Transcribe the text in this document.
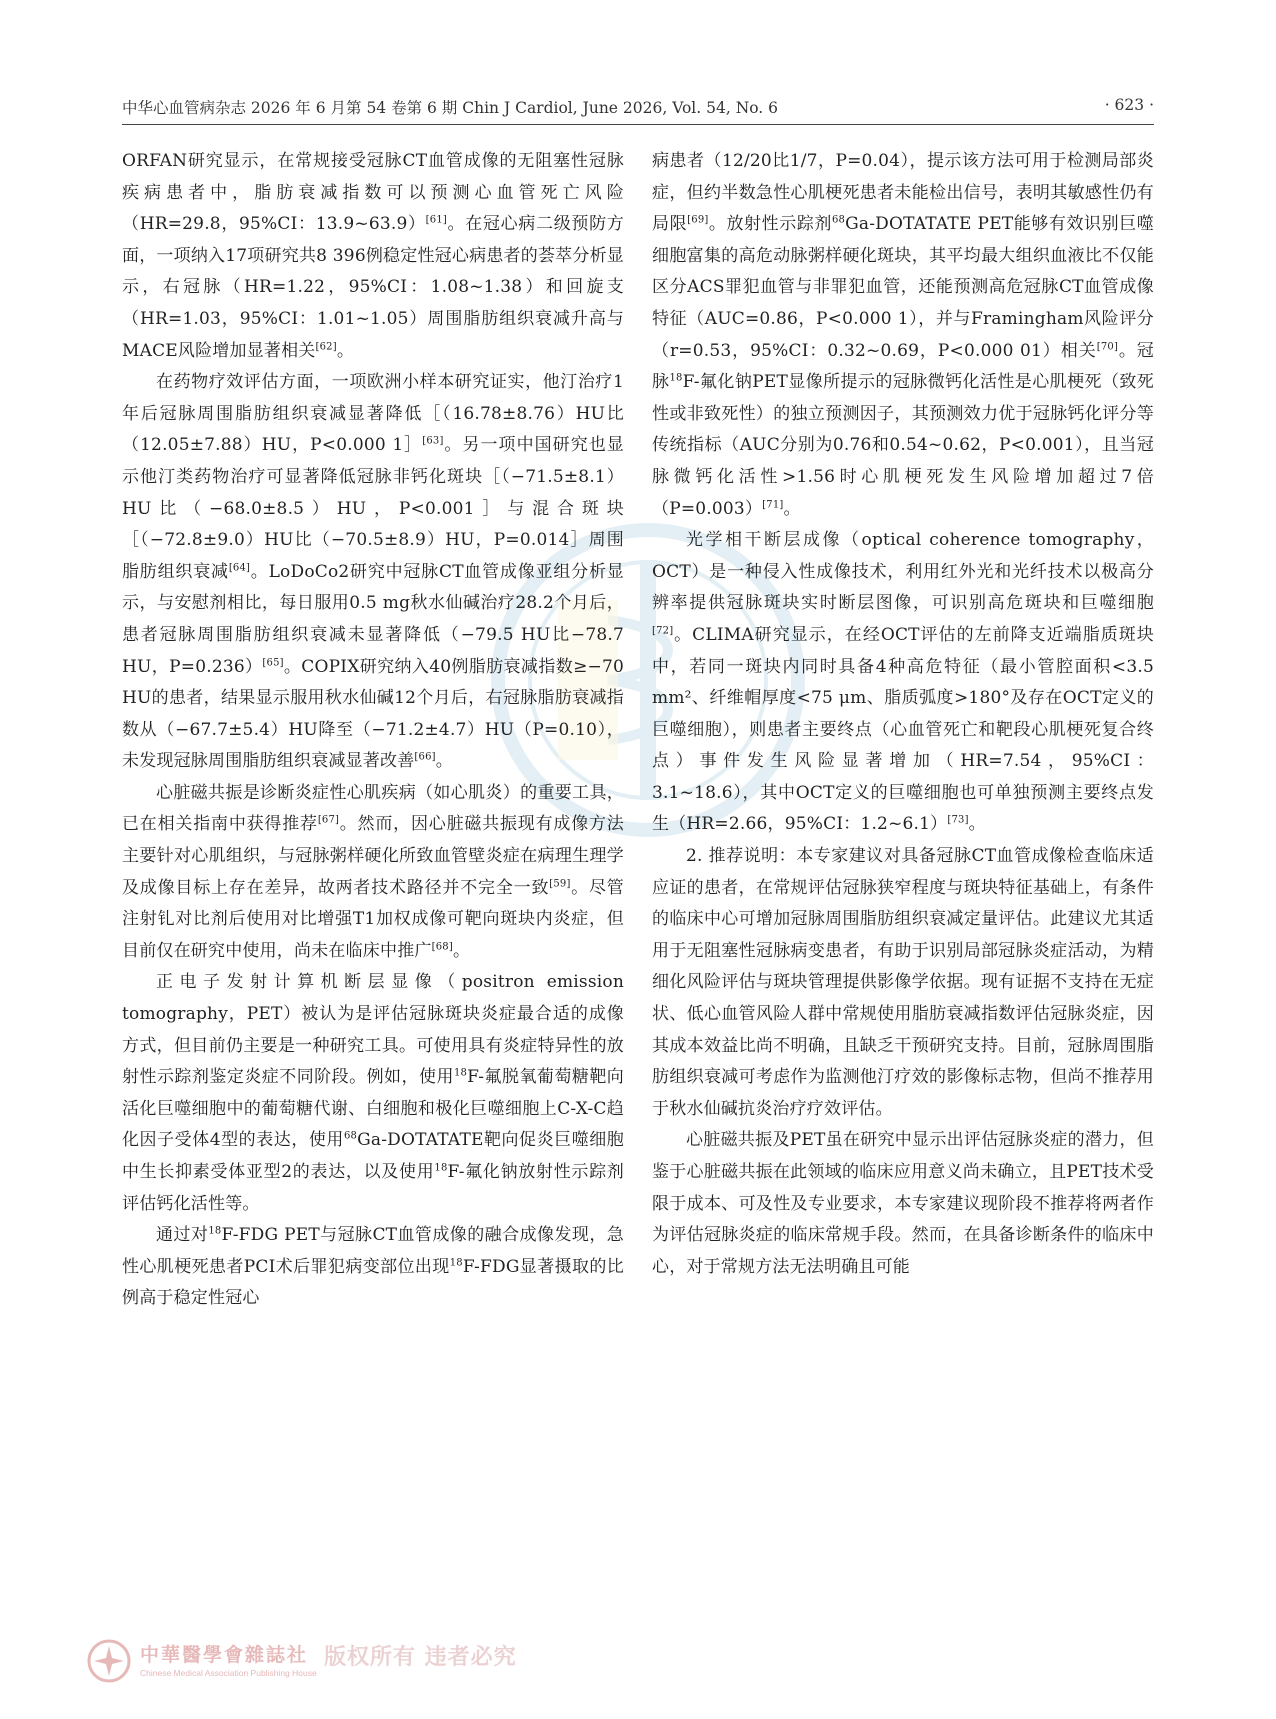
中华心血管病杂志 2026 年 6 月第 54 卷第 6 期 Chin J Cardiol, June 2026, Vol. 54, No. 6	· 623 ·

ORFAN研究显示，在常规接受冠脉CT血管成像的无阻塞性冠脉疾病患者中，脂肪衰减指数可以预测心血管死亡风险（HR=29.8，95%CI：13.9~63.9）[61]。在冠心病二级预防方面，一项纳入17项研究共8 396例稳定性冠心病患者的荟萃分析显示，右冠脉（HR=1.22，95%CI：1.08~1.38）和回旋支（HR=1.03，95%CI：1.01~1.05）周围脂肪组织衰减升高与MACE风险增加显著相关[62]。

在药物疗效评估方面，一项欧洲小样本研究证实，他汀治疗1年后冠脉周围脂肪组织衰减显著降低［（16.78±8.76）HU比（12.05±7.88）HU，P<0.000 1］[63]。另一项中国研究也显示他汀类药物治疗可显著降低冠脉非钙化斑块［（−71.5±8.1）HU比（−68.0±8.5）HU，P<0.001］与混合斑块［（−72.8±9.0）HU比（−70.5±8.9）HU，P=0.014］周围脂肪组织衰减[64]。LoDoCo2研究中冠脉CT血管成像亚组分析显示，与安慰剂相比，每日服用0.5 mg秋水仙碱治疗28.2个月后，患者冠脉周围脂肪组织衰减未显著降低（−79.5 HU比−78.7 HU，P=0.236）[65]。COPIX研究纳入40例脂肪衰减指数≥−70 HU的患者，结果显示服用秋水仙碱12个月后，右冠脉脂肪衰减指数从（−67.7±5.4）HU降至（−71.2±4.7）HU（P=0.10），未发现冠脉周围脂肪组织衰减显著改善[66]。

心脏磁共振是诊断炎症性心肌疾病（如心肌炎）的重要工具，已在相关指南中获得推荐[67]。然而，因心脏磁共振现有成像方法主要针对心肌组织，与冠脉粥样硬化所致血管壁炎症在病理生理学及成像目标上存在差异，故两者技术路径并不完全一致[59]。尽管注射钆对比剂后使用对比增强T1加权成像可靶向斑块内炎症，但目前仅在研究中使用，尚未在临床中推广[68]。

正电子发射计算机断层显像（positron emission tomography，PET）被认为是评估冠脉斑块炎症最合适的成像方式，但目前仍主要是一种研究工具。可使用具有炎症特异性的放射性示踪剂鉴定炎症不同阶段。例如，使用$^{18}$F-氟脱氧葡萄糖靶向活化巨噬细胞中的葡萄糖代谢、白细胞和极化巨噬细胞上C-X-C趋化因子受体4型的表达，使用$^{68}$Ga-DOTATATE靶向促炎巨噬细胞中生长抑素受体亚型2的表达，以及使用$^{18}$F-氟化钠放射性示踪剂评估钙化活性等。

通过对$^{18}$F-FDG PET与冠脉CT血管成像的融合成像发现，急性心肌梗死患者PCI术后罪犯病变部位出现$^{18}$F-FDG显著摄取的比例高于稳定性冠心

病患者（12/20比1/7，P=0.04），提示该方法可用于检测局部炎症，但约半数急性心肌梗死患者未能检出信号，表明其敏感性仍有局限[69]。放射性示踪剂$^{68}$Ga-DOTATATE PET能够有效识别巨噬细胞富集的高危动脉粥样硬化斑块，其平均最大组织血液比不仅能区分ACS罪犯血管与非罪犯血管，还能预测高危冠脉CT血管成像特征（AUC=0.86，P<0.000 1），并与Framingham风险评分（r=0.53，95%CI：0.32~0.69，P<0.000 01）相关[70]。冠脉$^{18}$F-氟化钠PET显像所提示的冠脉微钙化活性是心肌梗死（致死性或非致死性）的独立预测因子，其预测效力优于冠脉钙化评分等传统指标（AUC分别为0.76和0.54~0.62，P<0.001），且当冠脉微钙化活性>1.56时心肌梗死发生风险增加超过7倍（P=0.003）[71]。

光学相干断层成像（optical coherence tomography，OCT）是一种侵入性成像技术，利用红外光和光纤技术以极高分辨率提供冠脉斑块实时断层图像，可识别高危斑块和巨噬细胞[72]。CLIMA研究显示，在经OCT评估的左前降支近端脂质斑块中，若同一斑块内同时具备4种高危特征（最小管腔面积<3.5 mm²、纤维帽厚度<75 μm、脂质弧度>180°及存在OCT定义的巨噬细胞），则患者主要终点（心血管死亡和靶段心肌梗死复合终点）事件发生风险显著增加（HR=7.54，95%CI：3.1~18.6），其中OCT定义的巨噬细胞也可单独预测主要终点发生（HR=2.66，95%CI：1.2~6.1）[73]。

2. 推荐说明：本专家建议对具备冠脉CT血管成像检查临床适应证的患者，在常规评估冠脉狭窄程度与斑块特征基础上，有条件的临床中心可增加冠脉周围脂肪组织衰减定量评估。此建议尤其适用于无阻塞性冠脉病变患者，有助于识别局部冠脉炎症活动，为精细化风险评估与斑块管理提供影像学依据。现有证据不支持在无症状、低心血管风险人群中常规使用脂肪衰减指数评估冠脉炎症，因其成本效益比尚不明确，且缺乏干预研究支持。目前，冠脉周围脂肪组织衰减可考虑作为监测他汀疗效的影像标志物，但尚不推荐用于秋水仙碱抗炎治疗疗效评估。

心脏磁共振及PET虽在研究中显示出评估冠脉炎症的潜力，但鉴于心脏磁共振在此领域的临床应用意义尚未确立，且PET技术受限于成本、可及性及专业要求，本专家建议现阶段不推荐将两者作为评估冠脉炎症的临床常规手段。然而，在具备诊断条件的临床中心，对于常规方法无法明确且可能

中華醫學會雜誌社
Chinese Medical Association Publishing House
版权所有 违者必究
